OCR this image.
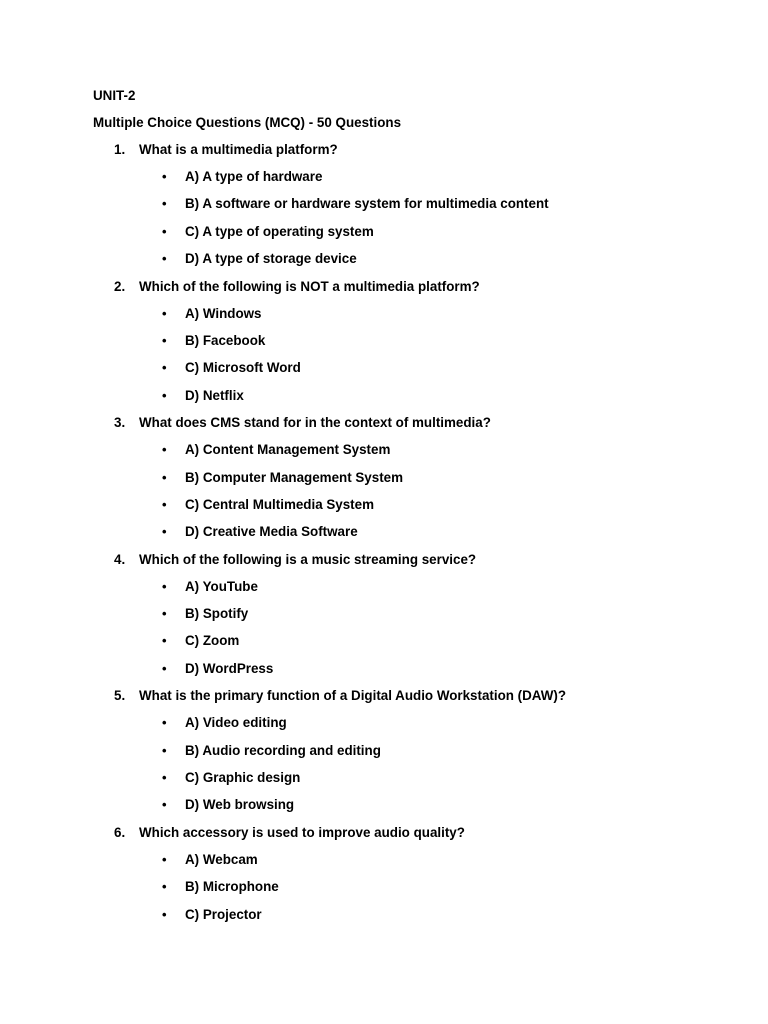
UNIT-2
Multiple Choice Questions (MCQ) - 50 Questions
1.	What is a multimedia platform?
• A) A type of hardware
• B) A software or hardware system for multimedia content
• C) A type of operating system
• D) A type of storage device
2.	Which of the following is NOT a multimedia platform?
• A) Windows
• B) Facebook
• C) Microsoft Word
• D) Netflix
3.	What does CMS stand for in the context of multimedia?
• A) Content Management System
• B) Computer Management System
• C) Central Multimedia System
• D) Creative Media Software
4.	Which of the following is a music streaming service?
• A) YouTube
• B) Spotify
• C) Zoom
• D) WordPress
5.	What is the primary function of a Digital Audio Workstation (DAW)?
• A) Video editing
• B) Audio recording and editing
• C) Graphic design
• D) Web browsing
6.	Which accessory is used to improve audio quality?
• A) Webcam
• B) Microphone
• C) Projector
